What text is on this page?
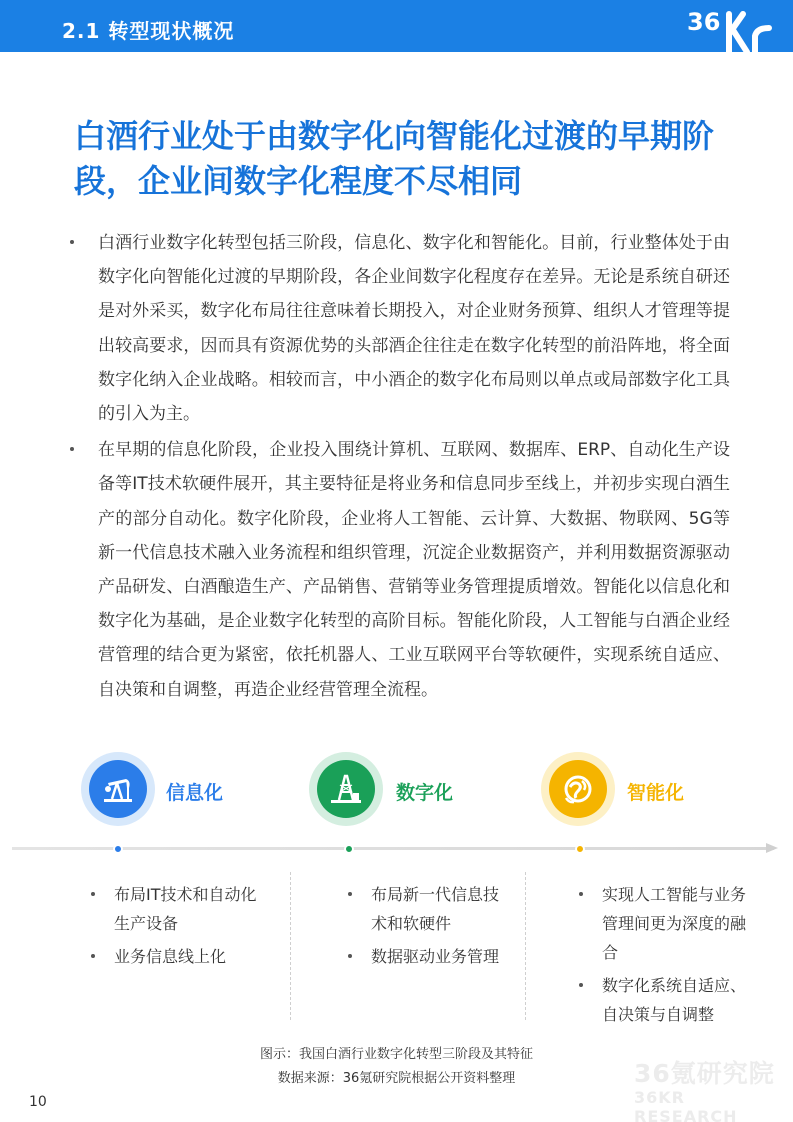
2.1 转型现状概况	36
白酒行业处于由数字化向智能化过渡的早期阶段，企业间数字化程度不尽相同
白酒行业数字化转型包括三阶段，信息化、数字化和智能化。目前，行业整体处于由数字化向智能化过渡的早期阶段，各企业间数字化程度存在差异。无论是系统自研还是对外采买，数字化布局往往意味着长期投入，对企业财务预算、组织人才管理等提出较高要求，因而具有资源优势的头部酒企往往走在数字化转型的前沿阵地，将全面数字化纳入企业战略。相较而言，中小酒企的数字化布局则以单点或局部数字化工具的引入为主。
在早期的信息化阶段，企业投入围绕计算机、互联网、数据库、ERP、自动化生产设备等IT技术软硬件展开，其主要特征是将业务和信息同步至线上，并初步实现白酒生产的部分自动化。数字化阶段，企业将人工智能、云计算、大数据、物联网、5G等新一代信息技术融入业务流程和组织管理，沉淀企业数据资产，并利用数据资源驱动产品研发、白酒酿造生产、产品销售、营销等业务管理提质增效。智能化以信息化和数字化为基础，是企业数字化转型的高阶目标。智能化阶段，人工智能与白酒企业经营管理的结合更为紧密，依托机器人、工业互联网平台等软硬件，实现系统自适应、自决策和自调整，再造企业经营管理全流程。
信息化	数字化	智能化
布局IT技术和自动化生产设备
业务信息线上化
布局新一代信息技术和软硬件
数据驱动业务管理
实现人工智能与业务管理间更为深度的融合
数字化系统自适应、自决策与自调整
图示：我国白酒行业数字化转型三阶段及其特征
数据来源：36氪研究院根据公开资料整理	36氪研究院
36KR RESEARCH
10
